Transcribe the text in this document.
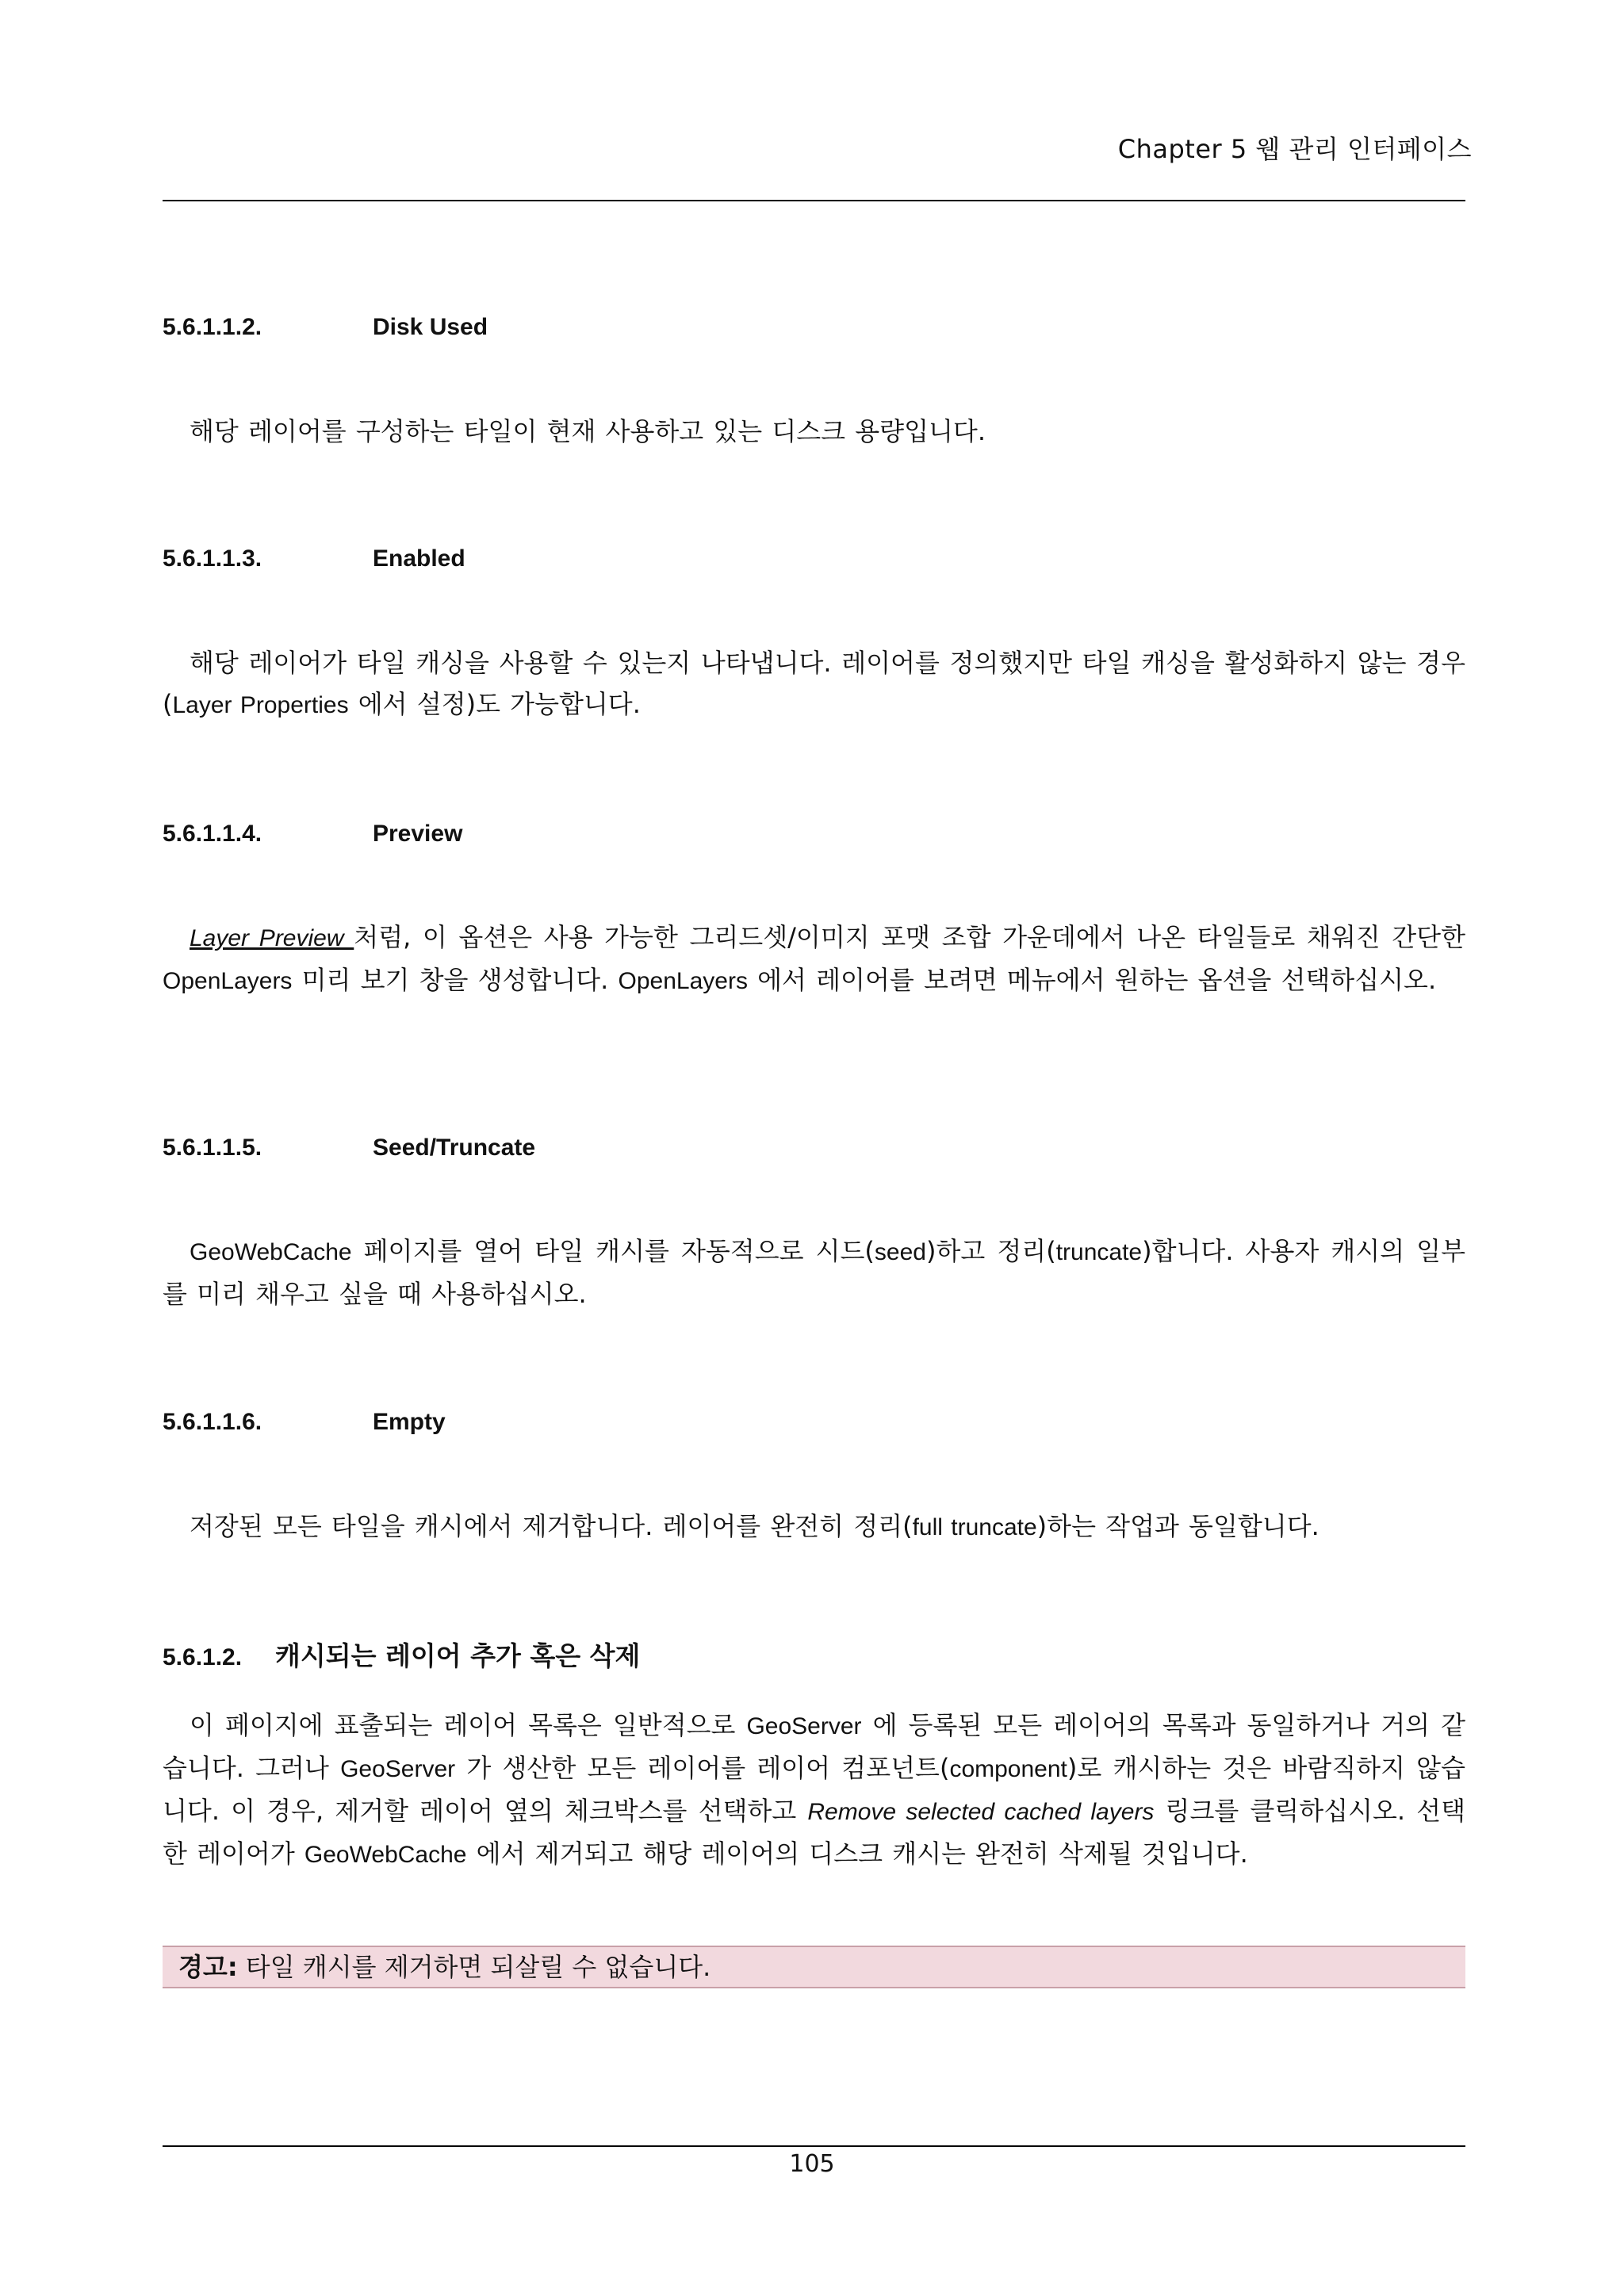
Chapter 5 웹 관리 인터페이스
5.6.1.1.2.	Disk Used
해당 레이어를 구성하는 타일이 현재 사용하고 있는 디스크 용량입니다.
5.6.1.1.3.	Enabled
해당 레이어가 타일 캐싱을 사용할 수 있는지 나타냅니다. 레이어를 정의했지만 타일 캐싱을 활성화하지 않는 경우(Layer Properties 에서 설정)도 가능합니다.
5.6.1.1.4.	Preview
Layer Preview 처럼, 이 옵션은 사용 가능한 그리드셋/이미지 포맷 조합 가운데에서 나온 타일들로 채워진 간단한 OpenLayers 미리 보기 창을 생성합니다. OpenLayers 에서 레이어를 보려면 메뉴에서 원하는 옵션을 선택하십시오.
5.6.1.1.5.	Seed/Truncate
GeoWebCache 페이지를 열어 타일 캐시를 자동적으로 시드(seed)하고 정리(truncate)합니다. 사용자 캐시의 일부를 미리 채우고 싶을 때 사용하십시오.
5.6.1.1.6.	Empty
저장된 모든 타일을 캐시에서 제거합니다. 레이어를 완전히 정리(full truncate)하는 작업과 동일합니다.
5.6.1.2. 캐시되는 레이어 추가 혹은 삭제
이 페이지에 표출되는 레이어 목록은 일반적으로 GeoServer 에 등록된 모든 레이어의 목록과 동일하거나 거의 같습니다. 그러나 GeoServer 가 생산한 모든 레이어를 레이어 컴포넌트(component)로 캐시하는 것은 바람직하지 않습니다. 이 경우, 제거할 레이어 옆의 체크박스를 선택하고 Remove selected cached layers 링크를 클릭하십시오. 선택한 레이어가 GeoWebCache 에서 제거되고 해당 레이어의 디스크 캐시는 완전히 삭제될 것입니다.
경고: 타일 캐시를 제거하면 되살릴 수 없습니다.
105
